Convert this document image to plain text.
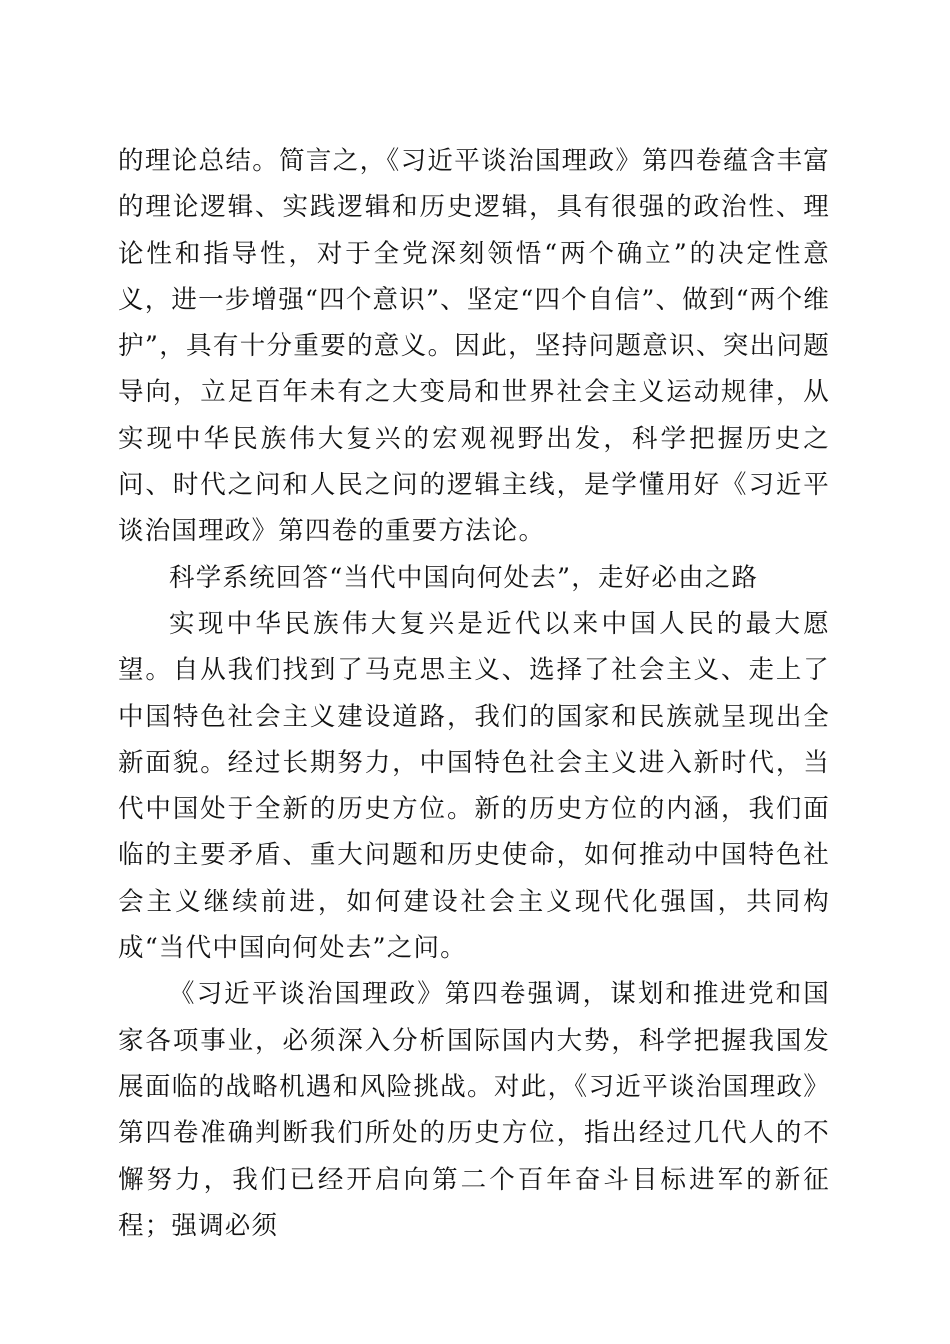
的理论总结。简言之，《习近平谈治国理政》第四卷蕴含丰富的理论逻辑、实践逻辑和历史逻辑，具有很强的政治性、理论性和指导性，对于全党深刻领悟“两个确立”的决定性意义，进一步增强“四个意识”、坚定“四个自信”、做到“两个维护”，具有十分重要的意义。因此，坚持问题意识、突出问题导向，立足百年未有之大变局和世界社会主义运动规律，从实现中华民族伟大复兴的宏观视野出发，科学把握历史之问、时代之问和人民之问的逻辑主线，是学懂用好《习近平谈治国理政》第四卷的重要方法论。

科学系统回答“当代中国向何处去”，走好必由之路

实现中华民族伟大复兴是近代以来中国人民的最大愿望。自从我们找到了马克思主义、选择了社会主义、走上了中国特色社会主义建设道路，我们的国家和民族就呈现出全新面貌。经过长期努力，中国特色社会主义进入新时代，当代中国处于全新的历史方位。新的历史方位的内涵，我们面临的主要矛盾、重大问题和历史使命，如何推动中国特色社会主义继续前进，如何建设社会主义现代化强国，共同构成“当代中国向何处去”之问。

《习近平谈治国理政》第四卷强调，谋划和推进党和国家各项事业，必须深入分析国际国内大势，科学把握我国发展面临的战略机遇和风险挑战。对此，《习近平谈治国理政》第四卷准确判断我们所处的历史方位，指出经过几代人的不懈努力，我们已经开启向第二个百年奋斗目标进军的新征程；强调必须
